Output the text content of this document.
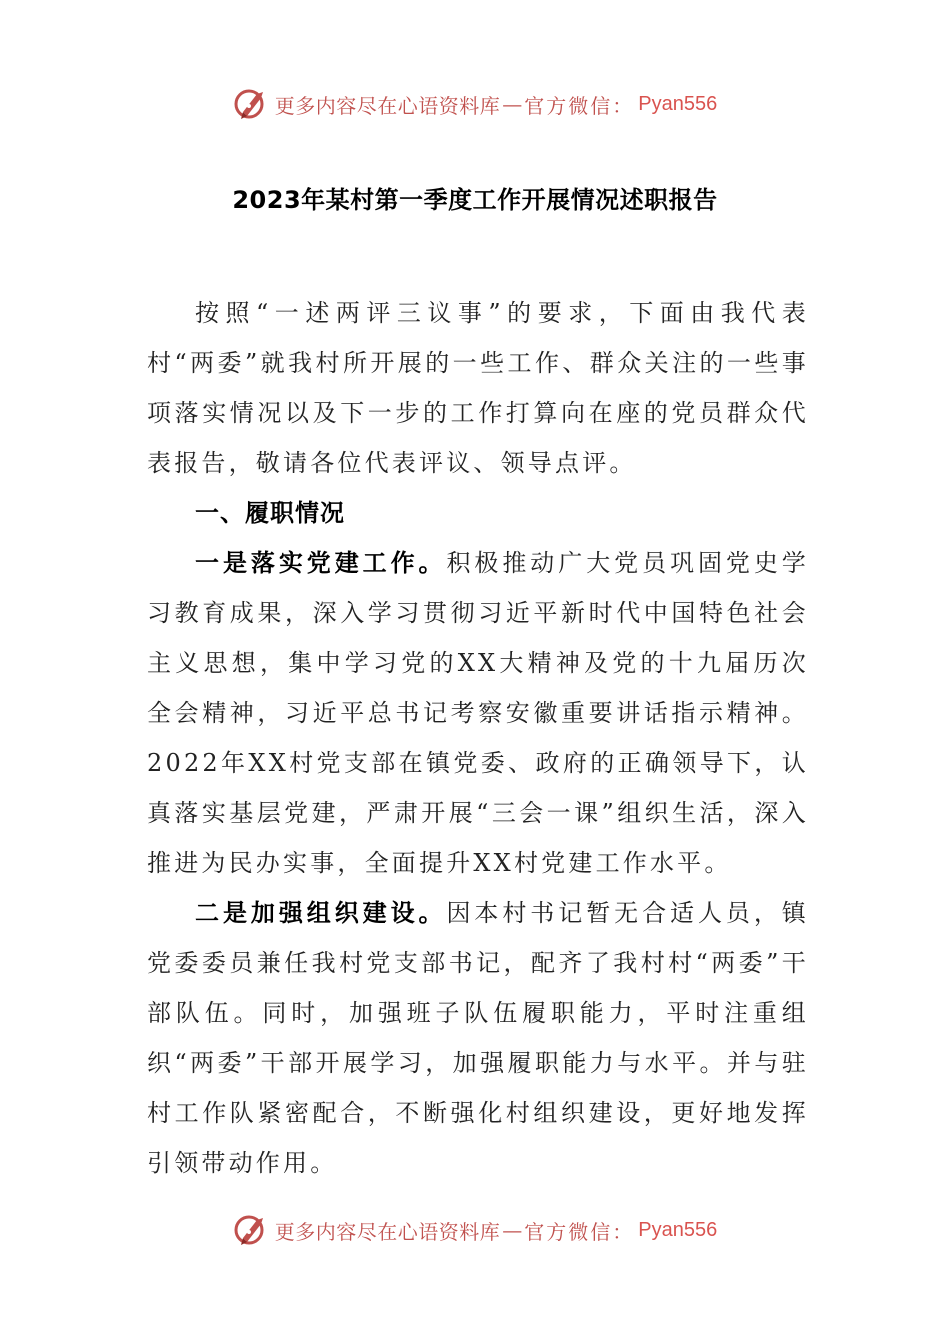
更多内容尽在心语资料库 — 官方微信： Pyan556
2023年某村第一季度工作开展情况述职报告

按照“一述两评三议事”的要求，下面由我代表村“两委”就我村所开展的一些工作、群众关注的一些事项落实情况以及下一步的工作打算向在座的党员群众代表报告，敬请各位代表评议、领导点评。

一、履职情况

一是落实党建工作。积极推动广大党员巩固党史学习教育成果，深入学习贯彻习近平新时代中国特色社会主义思想，集中学习党的XX大精神及党的十九届历次全会精神，习近平总书记考察安徽重要讲话指示精神。2022年XX村党支部在镇党委、政府的正确领导下，认真落实基层党建，严肃开展“三会一课”组织生活，深入推进为民办实事，全面提升XX村党建工作水平。

二是加强组织建设。因本村书记暂无合适人员，镇党委委员兼任我村党支部书记，配齐了我村村“两委”干部队伍。同时，加强班子队伍履职能力，平时注重组织“两委”干部开展学习，加强履职能力与水平。并与驻村工作队紧密配合，不断强化村组织建设，更好地发挥引领带动作用。

更多内容尽在心语资料库 — 官方微信： Pyan556
